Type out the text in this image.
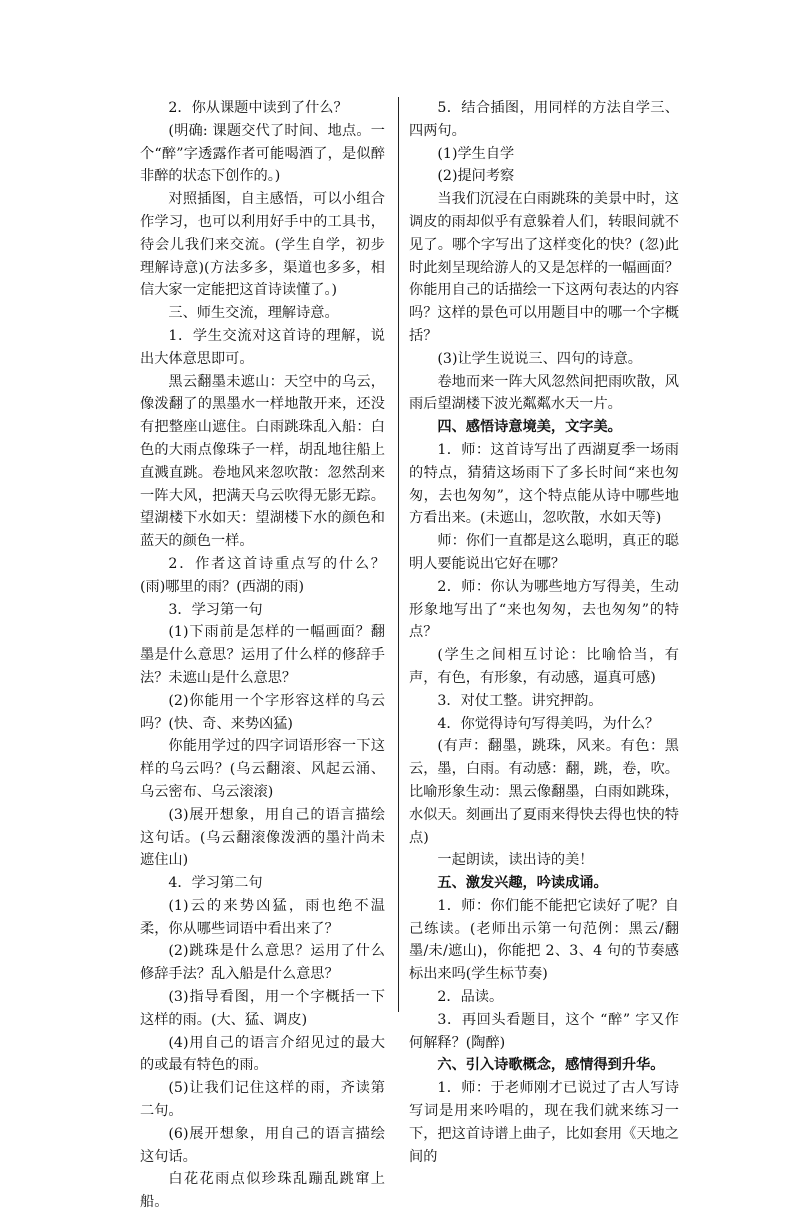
2．你从课题中读到了什么？

(明确: 课题交代了时间、地点。一个“醉”字透露作者可能喝酒了，是似醉非醉的状态下创作的。)

对照插图，自主感悟，可以小组合作学习，也可以利用好手中的工具书，待会儿我们来交流。(学生自学，初步理解诗意)(方法多多，渠道也多多，相信大家一定能把这首诗读懂了。)

三、师生交流，理解诗意。

1．学生交流对这首诗的理解，说出大体意思即可。

黑云翻墨未遮山：天空中的乌云，像泼翻了的黑墨水一样地散开来，还没有把整座山遮住。白雨跳珠乱入船：白色的大雨点像珠子一样，胡乱地往船上直溅直跳。卷地风来忽吹散：忽然刮来一阵大风，把满天乌云吹得无影无踪。望湖楼下水如天：望湖楼下水的颜色和蓝天的颜色一样。

2．作者这首诗重点写的什么？(雨)哪里的雨？(西湖的雨)

3．学习第一句

(1)下雨前是怎样的一幅画面？翻墨是什么意思？运用了什么样的修辞手法？未遮山是什么意思？

(2)你能用一个字形容这样的乌云吗？(快、奇、来势凶猛)

你能用学过的四字词语形容一下这样的乌云吗？(乌云翻滚、风起云涌、乌云密布、乌云滚滚)

(3)展开想象，用自己的语言描绘这句话。(乌云翻滚像泼洒的墨汁尚未遮住山)

4．学习第二句

(1)云的来势凶猛，雨也绝不温柔，你从哪些词语中看出来了？

(2)跳珠是什么意思？运用了什么修辞手法？乱入船是什么意思？

(3)指导看图，用一个字概括一下这样的雨。(大、猛、调皮)

(4)用自己的语言介绍见过的最大的或最有特色的雨。

(5)让我们记住这样的雨，齐读第二句。

(6)展开想象，用自己的语言描绘这句话。

白花花雨点似珍珠乱蹦乱跳窜上船。

5．结合插图，用同样的方法自学三、四两句。

(1)学生自学

(2)提问考察

当我们沉浸在白雨跳珠的美景中时，这调皮的雨却似乎有意躲着人们，转眼间就不见了。哪个字写出了这样变化的快？(忽)此时此刻呈现给游人的又是怎样的一幅画面？你能用自己的话描绘一下这两句表达的内容吗？这样的景色可以用题目中的哪一个字概括？

(3)让学生说说三、四句的诗意。

卷地而来一阵大风忽然间把雨吹散，风雨后望湖楼下波光粼粼水天一片。

四、感悟诗意境美，文字美。

1．师：这首诗写出了西湖夏季一场雨的特点，猜猜这场雨下了多长时间“来也匆匆，去也匆匆”，这个特点能从诗中哪些地方看出来。(未遮山，忽吹散，水如天等)

师：你们一直都是这么聪明，真正的聪明人要能说出它好在哪？

2．师：你认为哪些地方写得美，生动形象地写出了“来也匆匆，去也匆匆”的特点？

(学生之间相互讨论：比喻恰当，有声，有色，有形象，有动感，逼真可感)

3．对仗工整。讲究押韵。

4．你觉得诗句写得美吗，为什么？

(有声：翻墨，跳珠，风来。有色：黑云，墨，白雨。有动感：翻，跳，卷，吹。比喻形象生动：黑云像翻墨，白雨如跳珠，水似天。刻画出了夏雨来得快去得也快的特点)

一起朗读，读出诗的美！

五、激发兴趣，吟读成诵。

1．师：你们能不能把它读好了呢？自己练读。(老师出示第一句范例：黑云/翻墨/未/遮山)，你能把 2、3、4 句的节奏感标出来吗(学生标节奏)

2．品读。

3．再回头看题目，这个 “醉” 字又作何解释？(陶醉)

六、引入诗歌概念，感情得到升华。

1．师：于老师刚才已说过了古人写诗写词是用来吟唱的，现在我们就来练习一下，把这首诗谱上曲子，比如套用《天地之间的
